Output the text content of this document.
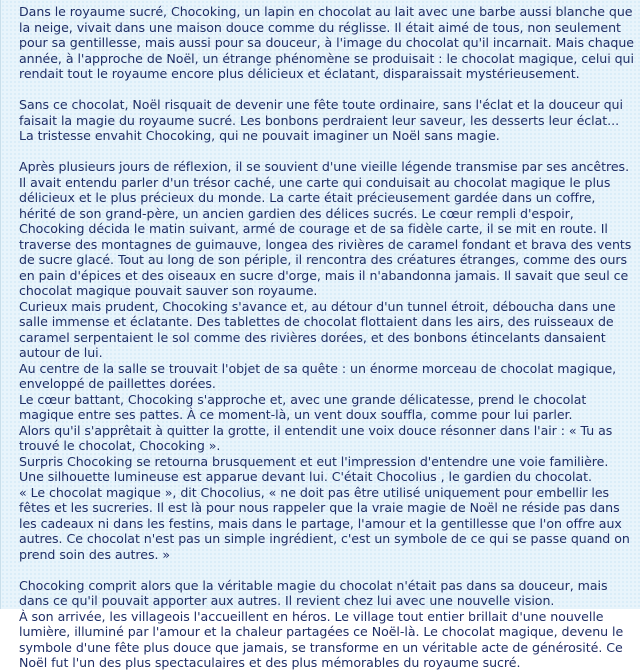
Dans le royaume sucré, Chocoking, un lapin en chocolat au lait avec une barbe aussi blanche que la neige, vivait dans une maison douce comme du réglisse. Il était aimé de tous, non seulement pour sa gentillesse, mais aussi pour sa douceur, à l'image du chocolat qu'il incarnait. Mais chaque année, à l'approche de Noël, un étrange phénomène se produisait : le chocolat magique, celui qui rendait tout le royaume encore plus délicieux et éclatant, disparaissait mystérieusement.

Sans ce chocolat, Noël risquait de devenir une fête toute ordinaire, sans l'éclat et la douceur qui faisait la magie du royaume sucré. Les bonbons perdraient leur saveur, les desserts leur éclat... La tristesse envahit Chocoking, qui ne pouvait imaginer un Noël sans magie.

Après plusieurs jours de réflexion, il se souvient d'une vieille légende transmise par ses ancêtres. Il avait entendu parler d'un trésor caché, une carte qui conduisait au chocolat magique le plus délicieux et le plus précieux du monde. La carte était précieusement gardée dans un coffre, hérité de son grand-père, un ancien gardien des délices sucrés. Le cœur rempli d'espoir, Chocoking décida le matin suivant, armé de courage et de sa fidèle carte, il se mit en route. Il traverse des montagnes de guimauve, longea des rivières de caramel fondant et brava des vents de sucre glacé. Tout au long de son périple, il rencontra des créatures étranges, comme des ours en pain d'épices et des oiseaux en sucre d'orge, mais il n'abandonna jamais. Il savait que seul ce chocolat magique pouvait sauver son royaume.

Curieux mais prudent, Chocoking s'avance et, au détour d'un tunnel étroit, déboucha dans une salle immense et éclatante. Des tablettes de chocolat flottaient dans les airs, des ruisseaux de caramel serpentaient le sol comme des rivières dorées, et des bonbons étincelants dansaient autour de lui.

Au centre de la salle se trouvait l'objet de sa quête : un énorme morceau de chocolat magique, enveloppé de paillettes dorées.

Le cœur battant, Chocoking s'approche et, avec une grande délicatesse, prend le chocolat magique entre ses pattes. À ce moment-là, un vent doux souffla, comme pour lui parler.

Alors qu'il s'apprêtait à quitter la grotte, il entendit une voix douce résonner dans l'air : « Tu as trouvé le chocolat, Chocoking ».

Surpris Chocoking se retourna brusquement et eut l'impression d'entendre une voie familière.

Une silhouette lumineuse est apparue devant lui. C'était Chocolius , le gardien du chocolat.

« Le chocolat magique », dit Chocolius, « ne doit pas être utilisé uniquement pour embellir les fêtes et les sucreries. Il est là pour nous rappeler que la vraie magie de Noël ne réside pas dans les cadeaux ni dans les festins, mais dans le partage, l'amour et la gentillesse que l'on offre aux autres. Ce chocolat n'est pas un simple ingrédient, c'est un symbole de ce qui se passe quand on prend soin des autres. »

Chocoking comprit alors que la véritable magie du chocolat n'était pas dans sa douceur, mais dans ce qu'il pouvait apporter aux autres. Il revient chez lui avec une nouvelle vision.

À son arrivée, les villageois l'accueillent en héros. Le village tout entier brillait d'une nouvelle lumière, illuminé par l'amour et la chaleur partagées ce Noël-là. Le chocolat magique, devenu le symbole d'une fête plus douce que jamais, se transforme en un véritable acte de générosité. Ce Noël fut l'un des plus spectaculaires et des plus mémorables du royaume sucré.
